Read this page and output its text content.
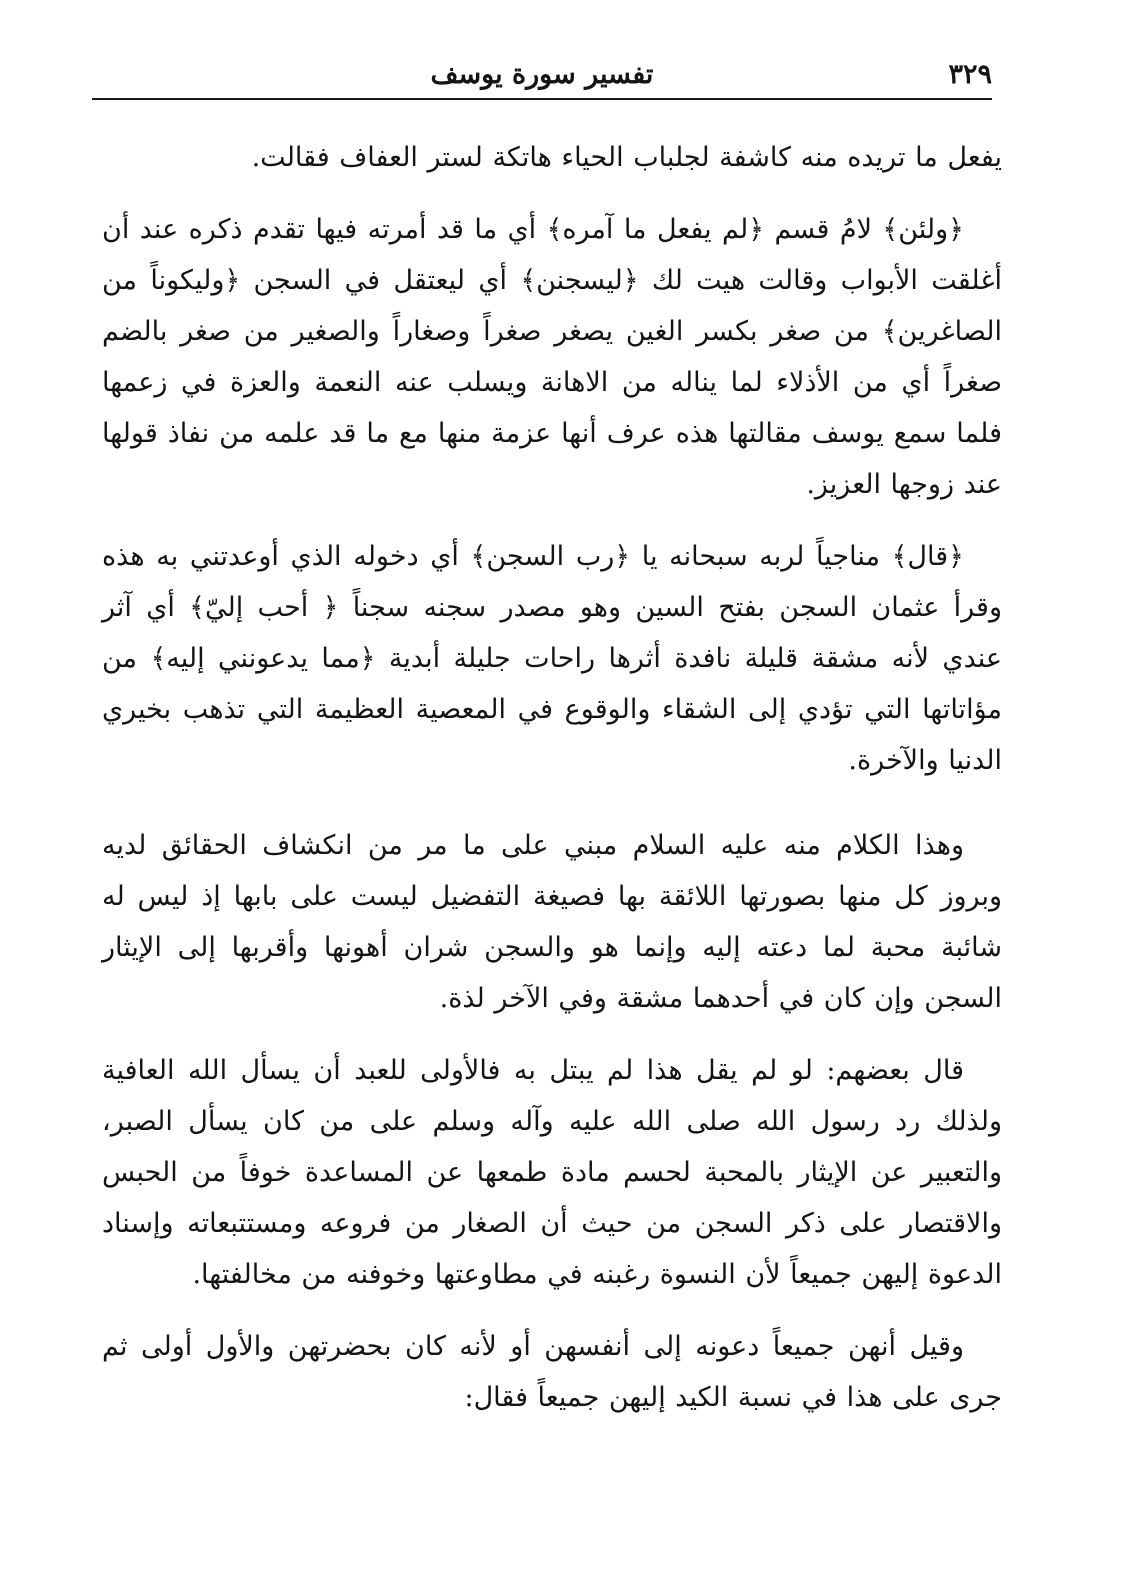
٣٢٩
تفسير سورة يوسف

يفعل ما تريده منه كاشفة لجلباب الحياء هاتكة لستر العفاف فقالت.

﴿ولئن﴾ لامُ قسم ﴿لم يفعل ما آمره﴾ أي ما قد أمرته فيها تقدم ذكره عند أن أغلقت الأبواب وقالت هيت لك ﴿ليسجنن﴾ أي ليعتقل في السجن ﴿وليكوناً من الصاغرين﴾ من صغر بكسر الغين يصغر صغراً وصغاراً والصغير من صغر بالضم صغراً أي من الأذلاء لما يناله من الاهانة ويسلب عنه النعمة والعزة في زعمها فلما سمع يوسف مقالتها هذه عرف أنها عزمة منها مع ما قد علمه من نفاذ قولها عند زوجها العزيز.

﴿قال﴾ مناجياً لربه سبحانه يا ﴿رب السجن﴾ أي دخوله الذي أوعدتني به هذه وقرأ عثمان السجن بفتح السين وهو مصدر سجنه سجناً ﴿ أحب إليّ﴾ أي آثر عندي لأنه مشقة قليلة نافدة أثرها راحات جليلة أبدية ﴿مما يدعونني إليه﴾ من مؤاتاتها التي تؤدي إلى الشقاء والوقوع في المعصية العظيمة التي تذهب بخيري الدنيا والآخرة.

وهذا الكلام منه عليه السلام مبني على ما مر من انكشاف الحقائق لديه وبروز كل منها بصورتها اللائقة بها فصيغة التفضيل ليست على بابها إذ ليس له شائبة محبة لما دعته إليه وإنما هو والسجن شران أهونها وأقربها إلى الإيثار السجن وإن كان في أحدهما مشقة وفي الآخر لذة.

قال بعضهم: لو لم يقل هذا لم يبتل به فالأولى للعبد أن يسأل الله العافية ولذلك رد رسول الله صلى الله عليه وآله وسلم على من كان يسأل الصبر، والتعبير عن الإيثار بالمحبة لحسم مادة طمعها عن المساعدة خوفاً من الحبس والاقتصار على ذكر السجن من حيث أن الصغار من فروعه ومستتبعاته وإسناد الدعوة إليهن جميعاً لأن النسوة رغبنه في مطاوعتها وخوفنه من مخالفتها.

وقيل أنهن جميعاً دعونه إلى أنفسهن أو لأنه كان بحضرتهن والأول أولى ثم جرى على هذا في نسبة الكيد إليهن جميعاً فقال:
